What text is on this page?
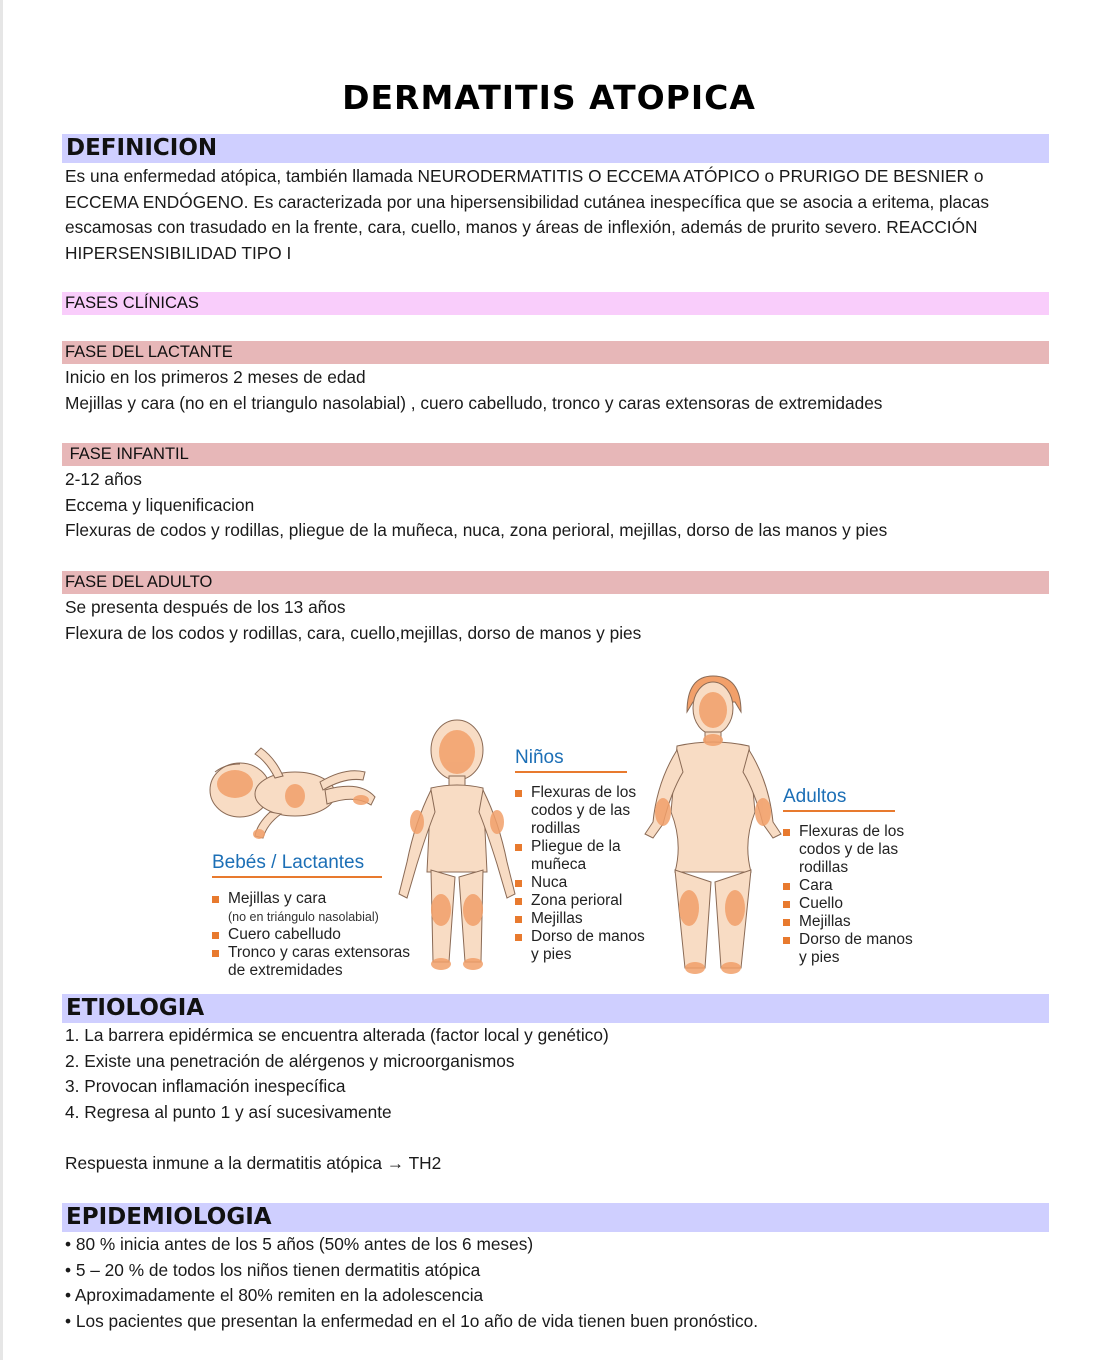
DERMATITIS ATOPICA
DEFINICION
Es una enfermedad atópica, también llamada NEURODERMATITIS O ECCEMA ATÓPICO o PRURIGO DE BESNIER o ECCEMA ENDÓGENO. Es caracterizada por una hipersensibilidad cutánea inespecífica que se asocia a eritema, placas escamosas con trasudado en la frente, cara, cuello, manos y áreas de inflexión, además de prurito severo. REACCIÓN HIPERSENSIBILIDAD TIPO I
FASES CLÍNICAS
FASE DEL LACTANTE
Inicio en los primeros 2 meses de edad
Mejillas y cara (no en el triangulo nasolabial) , cuero cabelludo, tronco y caras extensoras de extremidades
FASE INFANTIL
2-12 años
Eccema y liquenificacion
Flexuras de codos y rodillas, pliegue de la muñeca, nuca, zona perioral, mejillas, dorso de las manos y pies
FASE DEL ADULTO
Se presenta después de los 13 años
Flexura de los codos y rodillas, cara, cuello,mejillas, dorso de manos y pies
Bebés / Lactantes
Mejillas y cara
(no en triángulo nasolabial)
Cuero cabelludo
Tronco y caras extensoras de extremidades
Niños
Flexuras de los codos y de las rodillas
Pliegue de la muñeca
Nuca
Zona perioral
Mejillas
Dorso de manos y pies
Adultos
Flexuras de los codos y de las rodillas
Cara
Cuello
Mejillas
Dorso de manos y pies
ETIOLOGIA
1. La barrera epidérmica se encuentra alterada (factor local y genético)
2. Existe una penetración de alérgenos y microorganismos
3. Provocan inflamación inespecífica
4. Regresa al punto 1 y así sucesivamente
Respuesta inmune a la dermatitis atópica → TH2
EPIDEMIOLOGIA
• 80 % inicia antes de los 5 años (50% antes de los 6 meses)
• 5 – 20 % de todos los niños tienen dermatitis atópica
• Aproximadamente el 80% remiten en la adolescencia
• Los pacientes que presentan la enfermedad en el 1o año de vida tienen buen pronóstico.
